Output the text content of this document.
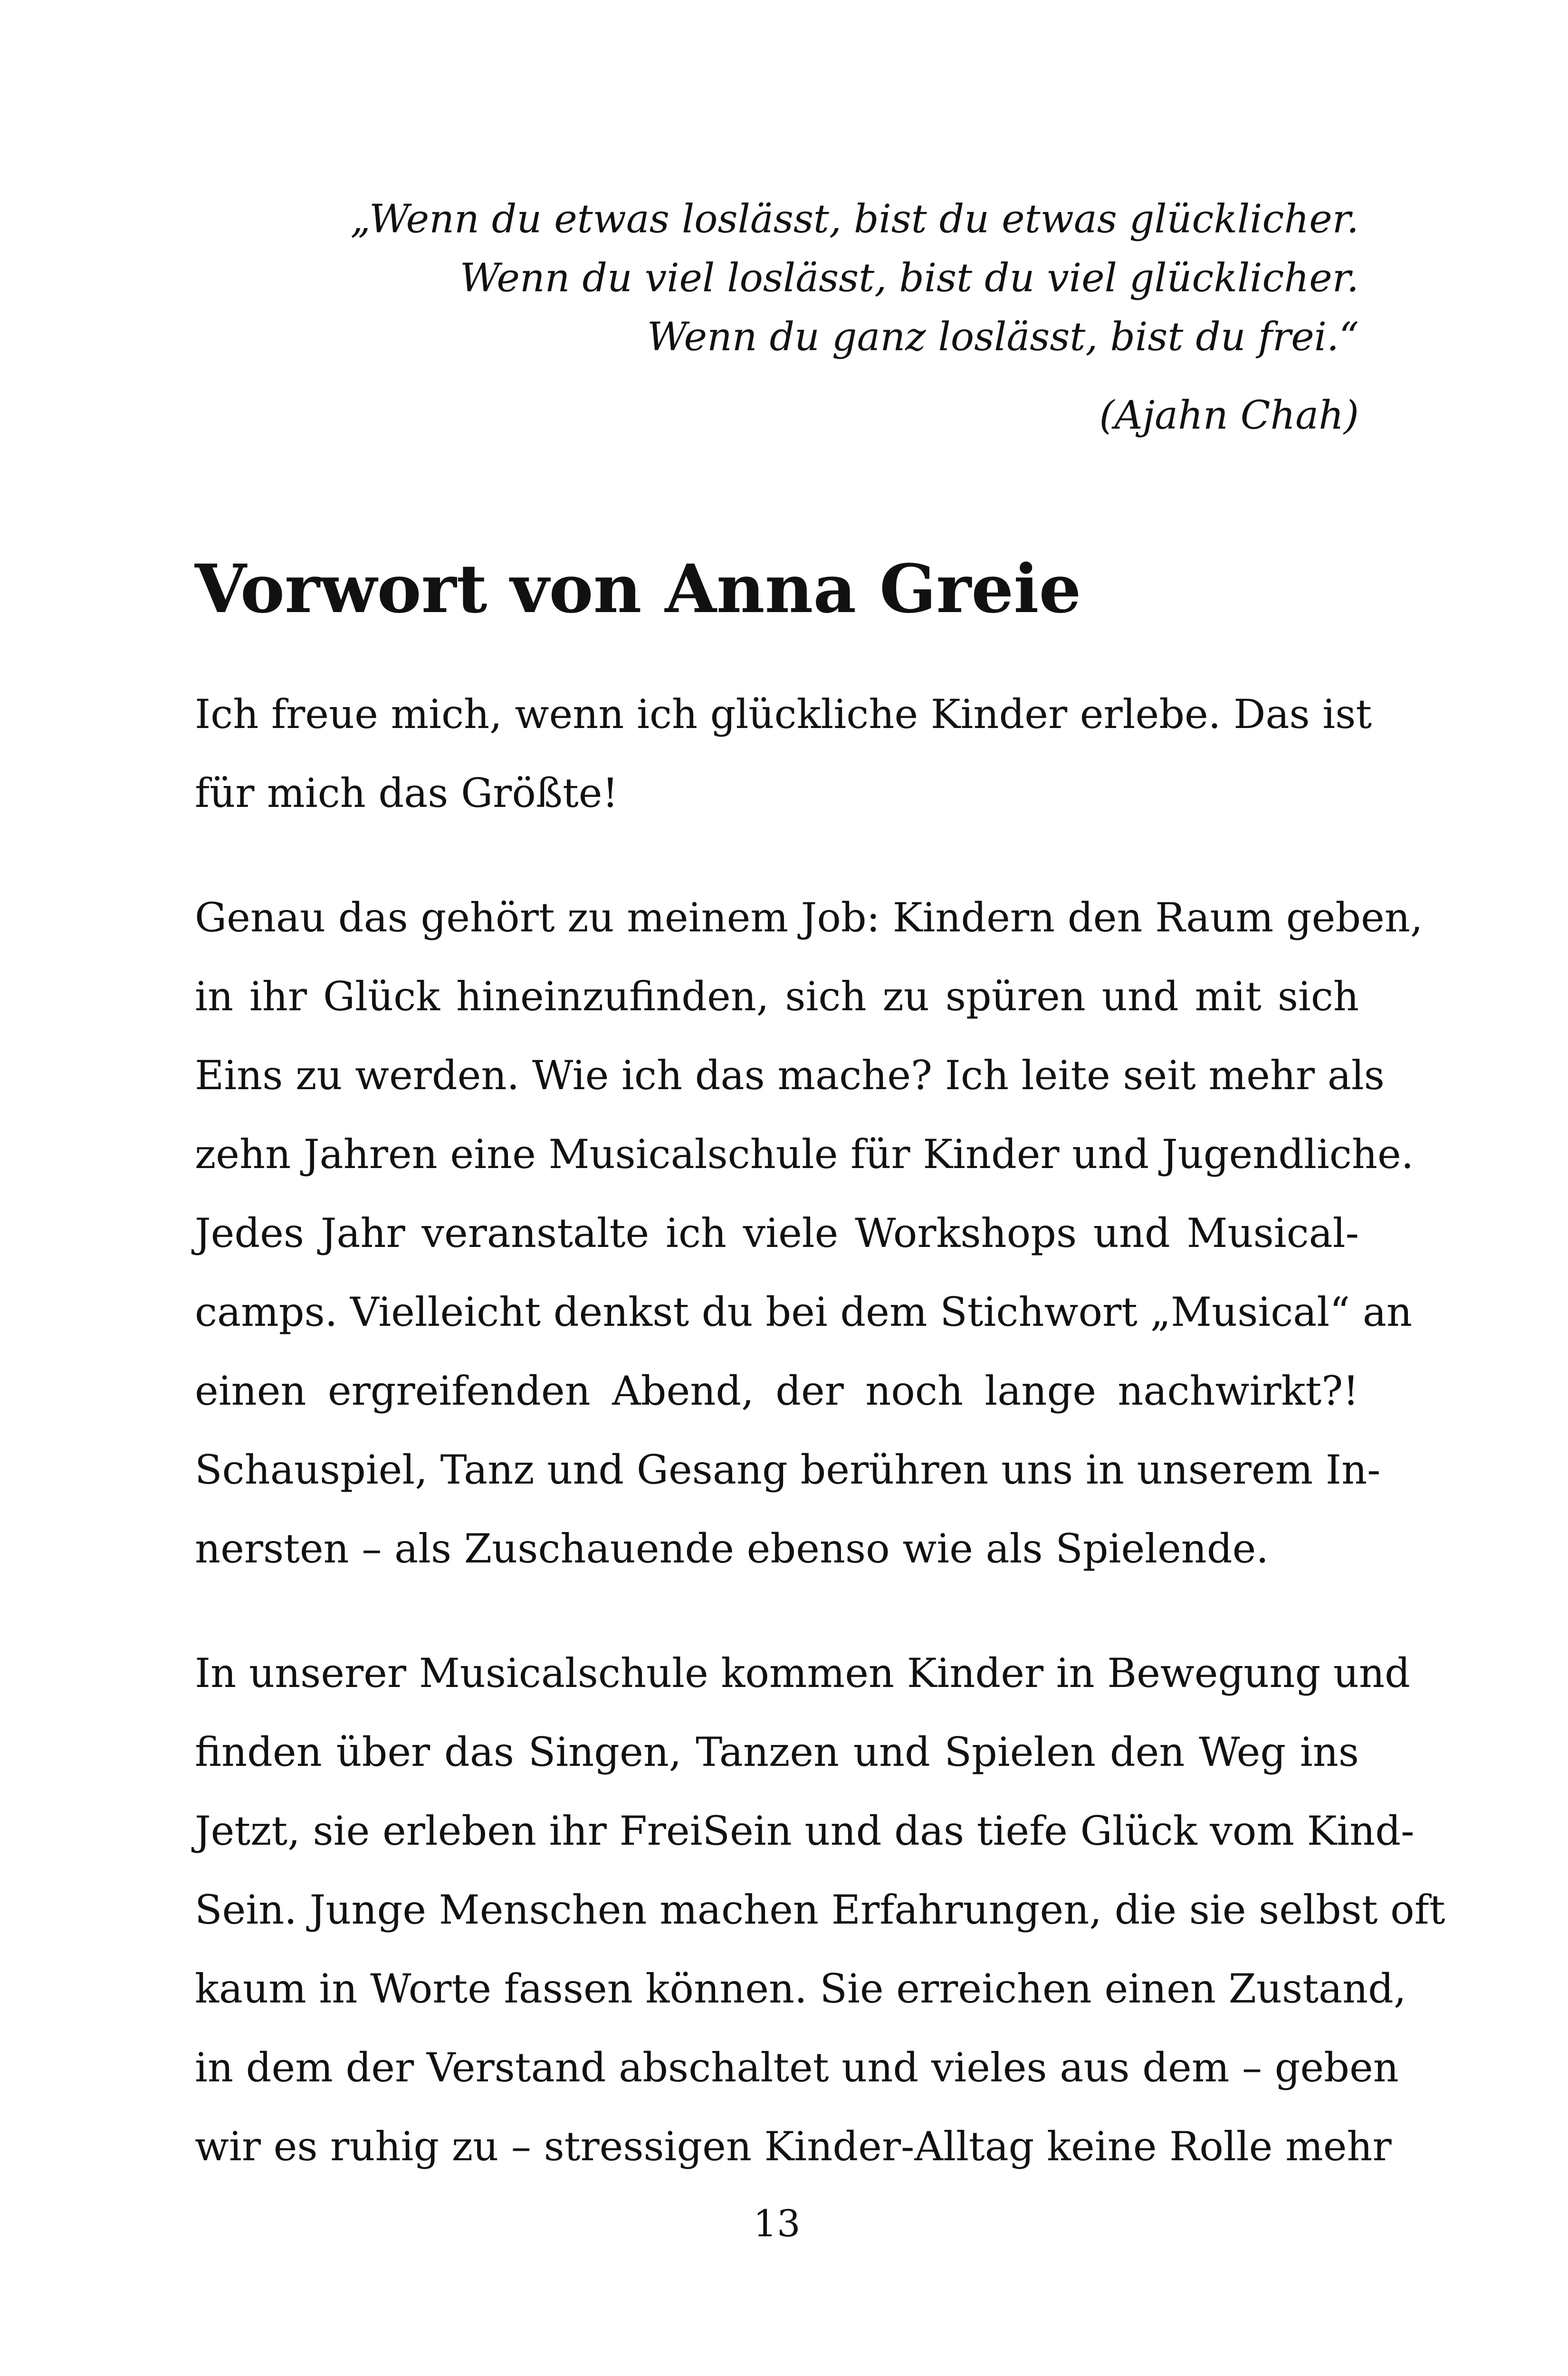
„Wenn du etwas loslässt, bist du etwas glücklicher.
Wenn du viel loslässt, bist du viel glücklicher.
Wenn du ganz loslässt, bist du frei.“
(Ajahn Chah)
Vorwort von Anna Greie

Ich freue mich, wenn ich glückliche Kinder erlebe. Das ist
für mich das Größte!

Genau das gehört zu meinem Job: Kindern den Raum geben,
in ihr Glück hineinzufinden, sich zu spüren und mit sich
Eins zu werden. Wie ich das mache? Ich leite seit mehr als
zehn Jahren eine Musicalschule für Kinder und Jugendliche.
Jedes Jahr veranstalte ich viele Workshops und Musical-
camps. Vielleicht denkst du bei dem Stichwort „Musical“ an
einen ergreifenden Abend, der noch lange nachwirkt?!
Schauspiel, Tanz und Gesang berühren uns in unserem In-
nersten – als Zuschauende ebenso wie als Spielende.

In unserer Musicalschule kommen Kinder in Bewegung und
finden über das Singen, Tanzen und Spielen den Weg ins
Jetzt, sie erleben ihr FreiSein und das tiefe Glück vom Kind-
Sein. Junge Menschen machen Erfahrungen, die sie selbst oft
kaum in Worte fassen können. Sie erreichen einen Zustand,
in dem der Verstand abschaltet und vieles aus dem – geben
wir es ruhig zu – stressigen Kinder-Alltag keine Rolle mehr

13
